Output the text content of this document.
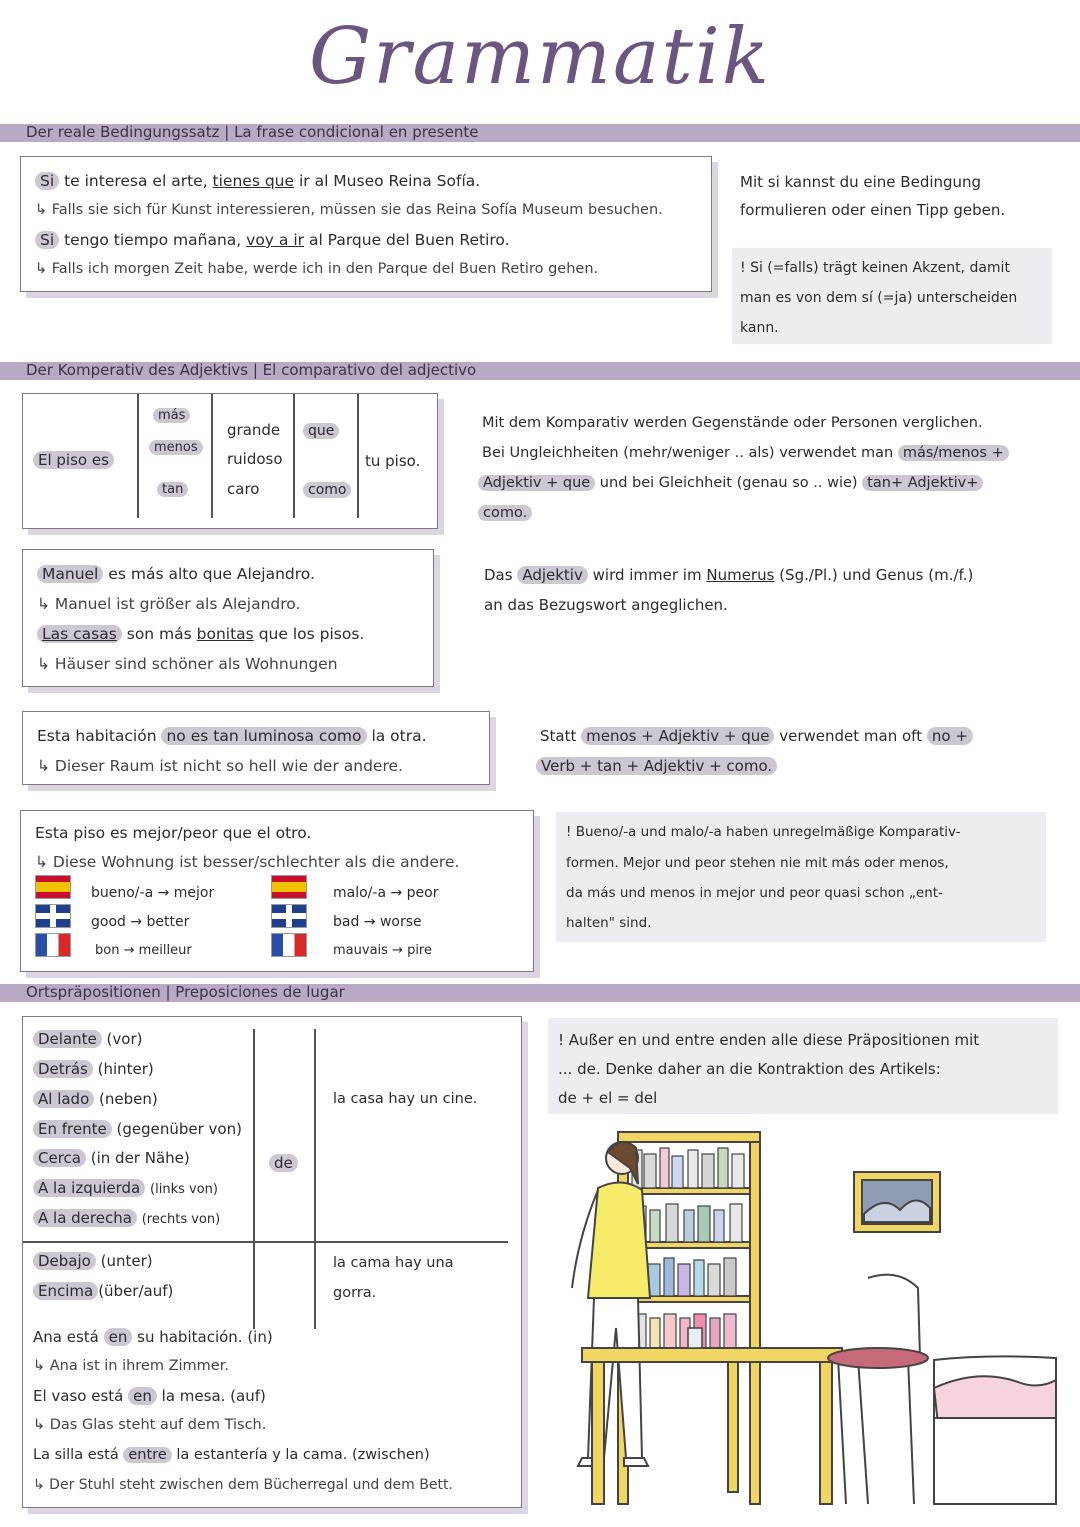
Grammatik
Der reale Bedingungssatz | La frase condicional en presente
Si te interesa el arte, tienes que ir al Museo Reina Sofía.
↳ Falls sie sich für Kunst interessieren, müssen sie das Reina Sofía Museum besuchen.
Si tengo tiempo mañana, voy a ir al Parque del Buen Retiro.
↳ Falls ich morgen Zeit habe, werde ich in den Parque del Buen Retiro gehen.
Mit si kannst du eine Bedingung
formulieren oder einen Tipp geben.
! Si (=falls) trägt keinen Akzent, damit
man es von dem sí (=ja) unterscheiden
kann.
Der Komperativ des Adjektivs | El comparativo del adjectivo
El piso es
más
menos
tan
grande
ruidoso
caro
que
como
tu piso.
Mit dem Komparativ werden Gegenstände oder Personen verglichen.
Bei Ungleichheiten (mehr/weniger .. als) verwendet man más/menos +
Adjektiv + que und bei Gleichheit (genau so .. wie) tan+ Adjektiv+
como.
Manuel es más alto que Alejandro.
↳ Manuel ist größer als Alejandro.
Las casas son más bonitas que los pisos.
↳ Häuser sind schöner als Wohnungen
Das Adjektiv wird immer im Numerus (Sg./Pl.) und Genus (m./f.)
an das Bezugswort angeglichen.
Esta habitación no es tan luminosa como la otra.
↳ Dieser Raum ist nicht so hell wie der andere.
Statt menos + Adjektiv + que verwendet man oft no +
Verb + tan + Adjektiv + como.
Esta piso es mejor/peor que el otro.
↳ Diese Wohnung ist besser/schlechter als die andere.
bueno/-a → mejor
good → better
bon → meilleur
malo/-a → peor
bad → worse
mauvais → pire
! Bueno/-a und malo/-a haben unregelmäßige Komparativ-
formen. Mejor und peor stehen nie mit más oder menos,
da más und menos in mejor und peor quasi schon „ent-
halten" sind.
Ortspräpositionen | Preposiciones de lugar
Delante (vor)
Detrás (hinter)
Al lado (neben)
En frente (gegenüber von)
Cerca (in der Nähe)
A la izquierda (links von)
A la derecha (rechts von)
Debajo (unter)
Encima (über/auf)
de
la casa hay un cine.
la cama hay una
gorra.
Ana está en su habitación. (in)
↳ Ana ist in ihrem Zimmer.
El vaso está en la mesa. (auf)
↳ Das Glas steht auf dem Tisch.
La silla está entre la estantería y la cama. (zwischen)
↳ Der Stuhl steht zwischen dem Bücherregal und dem Bett.
! Außer en und entre enden alle diese Präpositionen mit
... de. Denke daher an die Kontraktion des Artikels:
de + el = del
